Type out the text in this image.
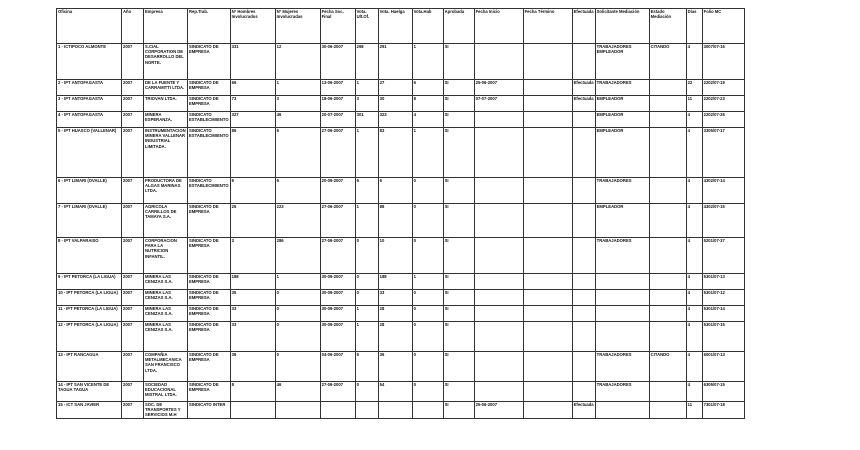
Oficina	Año	Empresa	Rep.Trab.	Nº Hombres Involucrados	Nº Mujeres Involucradas	Fecha Soc. Final	Vota. Ult.Of.	Vota. Huelga	Vota.Hab	Aprobada	Fecha Inicio	Fecha Término	Efectuada	Solicitante Mediación	Estado Mediación	Días	Folio MC
1 - ICTIPOCO ALMONTE	2007	S.CIAL CORPORATION DE DESARROLLO DEL NORTE.	SINDICATO DE EMPRESA	331	12	30-06-2007	298	291	1	SI				TRABAJADORES EMPLEADOR	CITANDO	4	3007/07-16
2 - IPT ANTOFAGASTA	2007	DE LA FUENTE Y CARRAMITTI LTDA.	SINDICATO DE EMPRESA	66	1	13-06-2007	1	27	6	SI	25-06-2007		Efectuada	TRABAJADORES		22	2202/07-19
3 - IPT ANTOFAGASTA	2007	TRIOVAN LTDA.	SINDICATO DE EMPRESA	73	3	18-06-2007	3	30	8	SI	07-07-2007		Efectuada	EMPLEADOR		11	2202/07-23
4 - IPT ANTOFAGASTA	2007	MINERA ESPERANZA.	SINDICATO ESTABLECIMIENTO	327	46	20-07-2007	301	323	4	SI				EMPLEADOR		4	2202/07-26
5 - IPT HUASCO (VALLENAR)	2007	INSTRUMENTACION MINERA VALLENAR INDUSTRIAL LIMITADA.	SINDICATO ESTABLECIMIENTO	86	6	27-06-2007	1	83	1	SI				EMPLEADOR		4	3305/07-17
6 - IPT LIMARI (OVALLE)	2007	PRODUCTORA DE ALGAS MARINAS LTDA.	SINDICATO ESTABLECIMIENTO	6	6	20-06-2007	6	6	0	SI				TRABAJADORES		4	4302/07-14
7 - IPT LIMARI (OVALLE)	2007	AGRICOLA CARRILLOS DE TAMAYA S.A.	SINDICATO DE EMPRESA	26	223	27-06-2007	1	88	0	SI				EMPLEADOR		4	4302/07-15
8 - IPT VALPARAISO	2007	CORPORACION PARA LA NUTRICION INFANTIL.	SINDICATO DE EMPRESA	3	286	27-06-2007	0	10	0	SI				TRABAJADORES		4	5201/07-37
9 - IPT PETORCA (LA LIGUA)	2007	MINERA LAS CENIZAS S.A.	SINDICATO DE EMPRESA	188	1	30-06-2007	0	188	1	SI						4	5301/07-13
10 - IPT PETORCA (LA LIGUA)	2007	MINERA LAS CENIZAS S.A.	SINDICATO DE EMPRESA	35	0	30-06-2007	0	33	0	SI						4	5301/07-12
11 - IPT PETORCA (LA LIGUA)	2007	MINERA LAS CENIZAS S.A.	SINDICATO DE EMPRESA	33	0	30-06-2007	1	28	0	SI						4	5301/07-14
12 - IPT PETORCA (LA LIGUA)	2007	MINERA LAS CENIZAS S.A.	SINDICATO DE EMPRESA	33	0	30-06-2007	1	28	0	SI						4	5301/07-15
13 - IPT RANCAGUA	2007	COMPAÑIA METALMECANICA SAN FRANCISCO LTDA.	SINDICATO DE EMPRESA	36	0	04-06-2007	5	36	0	SI				TRABAJADORES	CITANDO	4	6001/07-13
14 - IPT SAN VICENTE DE TAGUA TAGUA	2007	SOCIEDAD EDUCACIONAL MISTRAL LTDA.	SINDICATO DE EMPRESA	8	46	27-06-2007	0	54	0	SI				TRABAJADORES		4	6305/07-15
15 - ICT SAN JAVIER	2007	SOC. DE TRANSPORTES Y SERVICIOS M.H	SINDICATO INTER							SI	25-06-2007		Efectuada			11	7301/07-18
